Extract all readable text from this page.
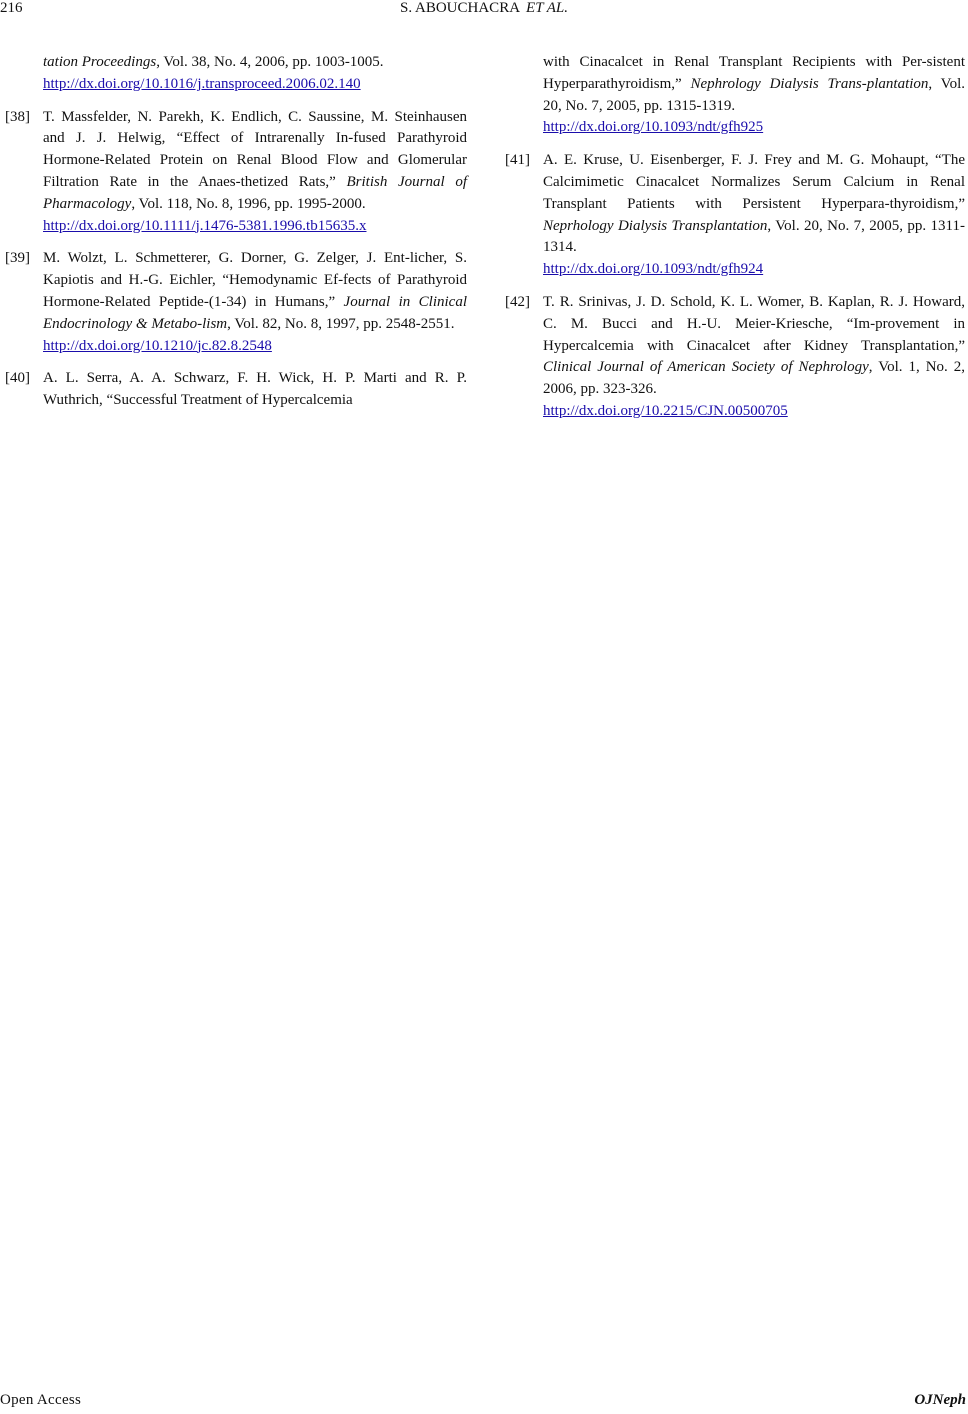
216	S. ABOUCHACRA ET AL.
tation Proceedings, Vol. 38, No. 4, 2006, pp. 1003-1005.
http://dx.doi.org/10.1016/j.transproceed.2006.02.140
[38] T. Massfelder, N. Parekh, K. Endlich, C. Saussine, M. Steinhausen and J. J. Helwig, “Effect of Intrarenally In-fused Parathyroid Hormone-Related Protein on Renal Blood Flow and Glomerular Filtration Rate in the Anaes-thetized Rats,” British Journal of Pharmacology, Vol. 118, No. 8, 1996, pp. 1995-2000.
http://dx.doi.org/10.1111/j.1476-5381.1996.tb15635.x
[39] M. Wolzt, L. Schmetterer, G. Dorner, G. Zelger, J. Ent-licher, S. Kapiotis and H.-G. Eichler, “Hemodynamic Ef-fects of Parathyroid Hormone-Related Peptide-(1-34) in Humans,” Journal in Clinical Endocrinology & Metabo-lism, Vol. 82, No. 8, 1997, pp. 2548-2551.
http://dx.doi.org/10.1210/jc.82.8.2548
[40] A. L. Serra, A. A. Schwarz, F. H. Wick, H. P. Marti and R. P. Wuthrich, “Successful Treatment of Hypercalcemia
with Cinacalcet in Renal Transplant Recipients with Per-sistent Hyperparathyroidism,” Nephrology Dialysis Trans-plantation, Vol. 20, No. 7, 2005, pp. 1315-1319.
http://dx.doi.org/10.1093/ndt/gfh925
[41] A. E. Kruse, U. Eisenberger, F. J. Frey and M. G. Mohaupt, “The Calcimimetic Cinacalcet Normalizes Serum Calcium in Renal Transplant Patients with Persistent Hyperpara-thyroidism,” Neprhology Dialysis Transplantation, Vol. 20, No. 7, 2005, pp. 1311-1314.
http://dx.doi.org/10.1093/ndt/gfh924
[42] T. R. Srinivas, J. D. Schold, K. L. Womer, B. Kaplan, R. J. Howard, C. M. Bucci and H.-U. Meier-Kriesche, “Im-provement in Hypercalcemia with Cinacalcet after Kidney Transplantation,” Clinical Journal of American Society of Nephrology, Vol. 1, No. 2, 2006, pp. 323-326.
http://dx.doi.org/10.2215/CJN.00500705
Open Access	OJNeph
